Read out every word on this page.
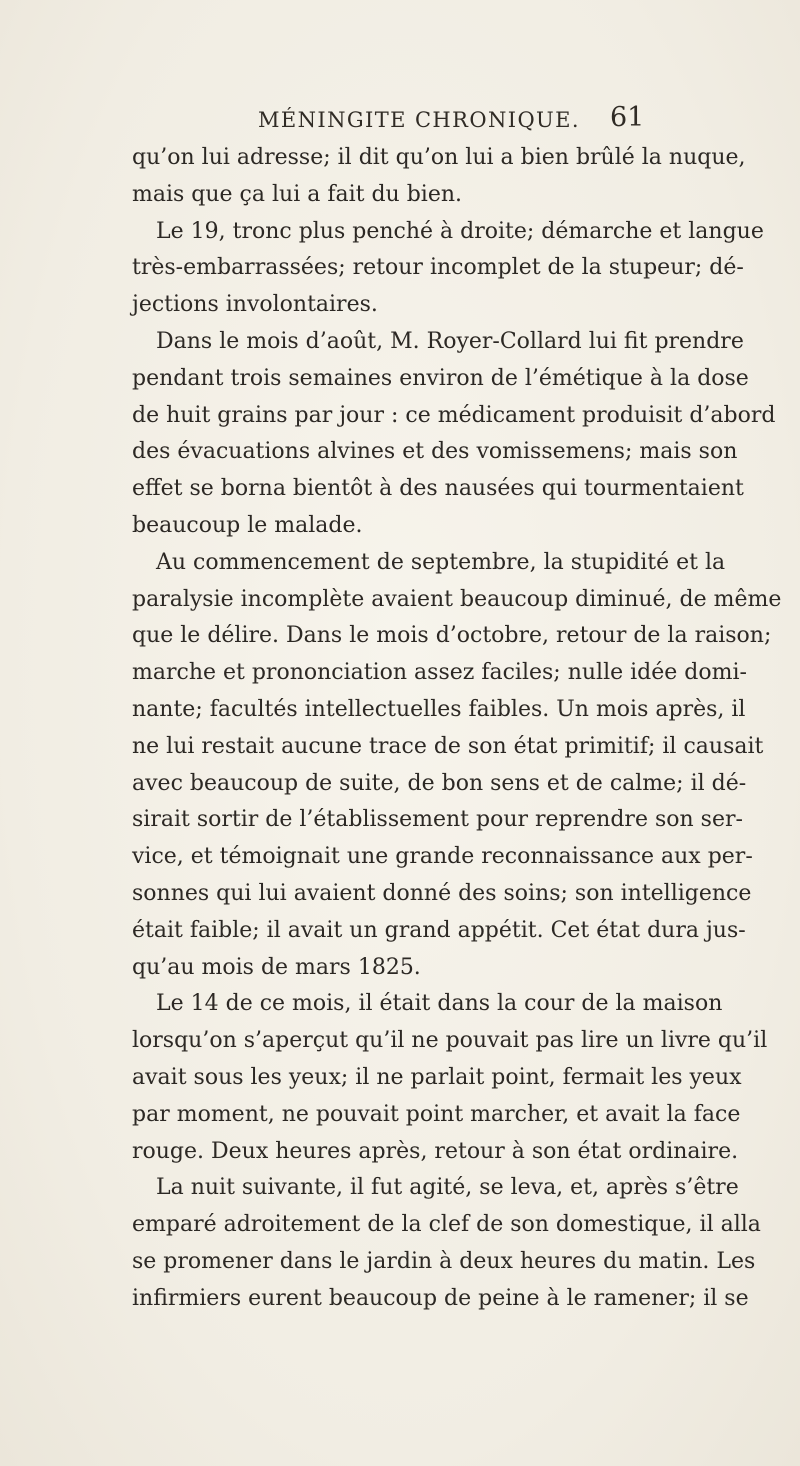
MÉNINGITE CHRONIQUE. 61
qu’on lui adresse; il dit qu’on lui a bien brûlé la nuque,
mais que ça lui a fait du bien.
Le 19, tronc plus penché à droite; démarche et langue
très-embarrassées; retour incomplet de la stupeur; dé-
jections involontaires.
Dans le mois d’août, M. Royer-Collard lui fit prendre
pendant trois semaines environ de l’émétique à la dose
de huit grains par jour : ce médicament produisit d’abord
des évacuations alvines et des vomissemens; mais son
effet se borna bientôt à des nausées qui tourmentaient
beaucoup le malade.
Au commencement de septembre, la stupidité et la
paralysie incomplète avaient beaucoup diminué, de même
que le délire. Dans le mois d’octobre, retour de la raison;
marche et prononciation assez faciles; nulle idée domi-
nante; facultés intellectuelles faibles. Un mois après, il
ne lui restait aucune trace de son état primitif; il causait
avec beaucoup de suite, de bon sens et de calme; il dé-
sirait sortir de l’établissement pour reprendre son ser-
vice, et témoignait une grande reconnaissance aux per-
sonnes qui lui avaient donné des soins; son intelligence
était faible; il avait un grand appétit. Cet état dura jus-
qu’au mois de mars 1825.
Le 14 de ce mois, il était dans la cour de la maison
lorsqu’on s’aperçut qu’il ne pouvait pas lire un livre qu’il
avait sous les yeux; il ne parlait point, fermait les yeux
par moment, ne pouvait point marcher, et avait la face
rouge. Deux heures après, retour à son état ordinaire.
La nuit suivante, il fut agité, se leva, et, après s’être
emparé adroitement de la clef de son domestique, il alla
se promener dans le jardin à deux heures du matin. Les
infirmiers eurent beaucoup de peine à le ramener; il se
